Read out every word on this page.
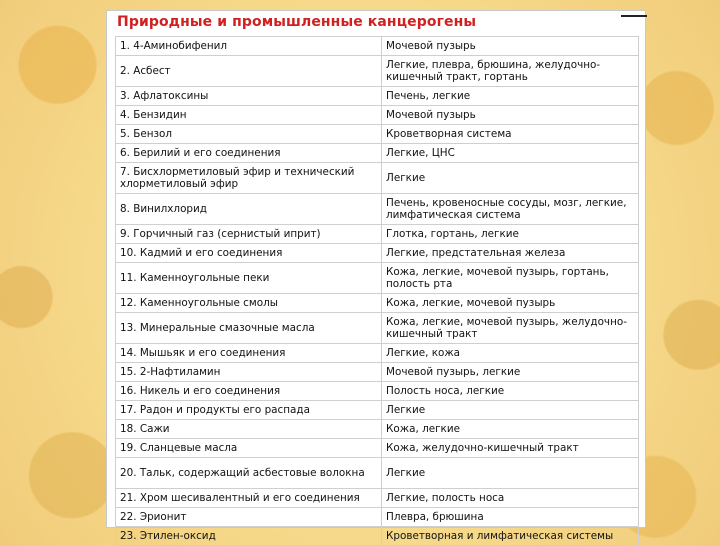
Природные и промышленные канцерогены
1. 4-Аминобифенил	Мочевой пузырь
2. Асбест	Легкие, плевра, брюшина, желудочно-кишечный тракт, гортань
3. Афлатоксины	Печень, легкие
4. Бензидин	Мочевой пузырь
5. Бензол	Кроветворная система
6. Берилий и его соединения	Легкие, ЦНС
7. Бисхлорметиловый эфир и технический хлорметиловый эфир	Легкие
8. Винилхлорид	Печень, кровеносные сосуды, мозг, легкие, лимфатическая система
9. Горчичный газ (сернистый иприт)	Глотка, гортань, легкие
10. Кадмий и его соединения	Легкие, предстательная железа
11. Каменноугольные пеки	Кожа, легкие, мочевой пузырь, гортань, полость рта
12. Каменноугольные смолы	Кожа, легкие, мочевой пузырь
13. Минеральные смазочные масла	Кожа, легкие, мочевой пузырь, желудочно-кишечный тракт
14. Мышьяк и его соединения	Легкие, кожа
15. 2-Нафтиламин	Мочевой пузырь, легкие
16. Никель и его соединения	Полость носа, легкие
17. Радон и продукты его распада	Легкие
18. Сажи	Кожа, легкие
19. Сланцевые масла	Кожа, желудочно-кишечный тракт
20. Тальк, содержащий асбестовые волокна	Легкие
21. Хром шесивалентный и его соединения	Легкие, полость носа
22. Эрионит	Плевра, брюшина
23. Этилен-оксид	Кроветворная и лимфатическая системы
